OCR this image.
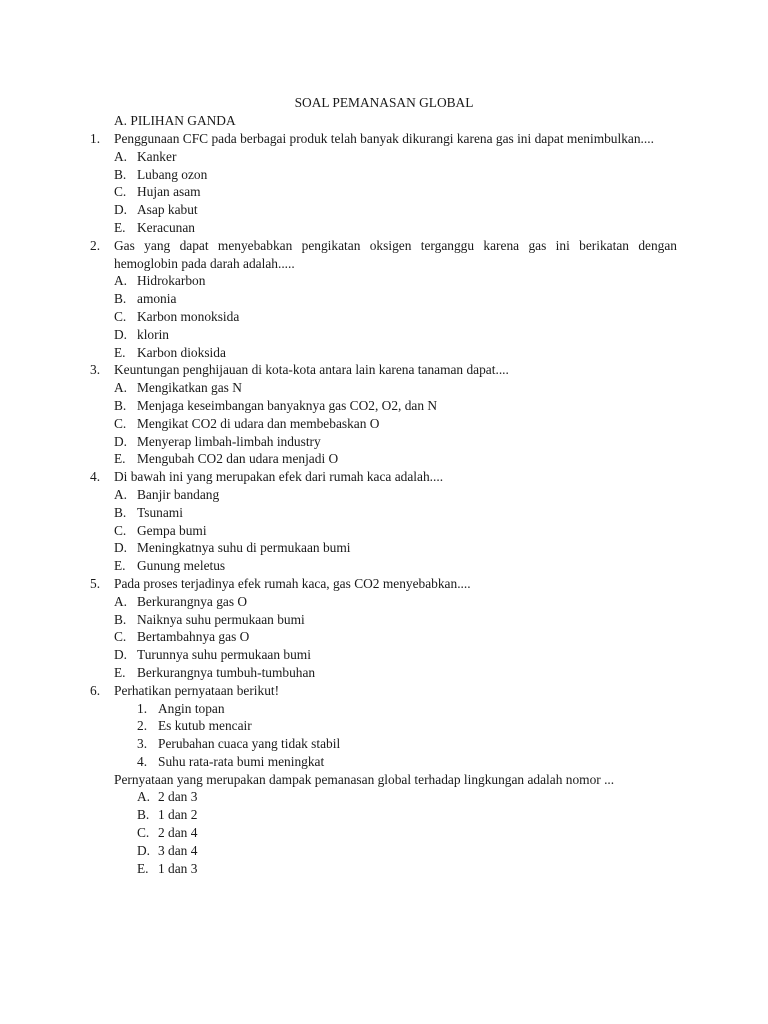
SOAL PEMANASAN GLOBAL
A. PILIHAN GANDA
1. Penggunaan CFC pada berbagai produk telah banyak dikurangi karena gas ini dapat menimbulkan....
A. Kanker
B. Lubang ozon
C. Hujan asam
D. Asap kabut
E. Keracunan
2. Gas yang dapat menyebabkan pengikatan oksigen terganggu karena gas ini berikatan dengan hemoglobin pada darah adalah.....
A. Hidrokarbon
B. amonia
C. Karbon monoksida
D. klorin
E. Karbon dioksida
3. Keuntungan penghijauan di kota-kota antara lain karena tanaman dapat....
A. Mengikatkan gas N
B. Menjaga keseimbangan banyaknya gas CO2, O2, dan N
C. Mengikat CO2 di udara dan membebaskan O
D. Menyerap limbah-limbah industry
E. Mengubah CO2 dan udara menjadi O
4. Di bawah ini yang merupakan efek dari rumah kaca adalah....
A. Banjir bandang
B. Tsunami
C. Gempa bumi
D. Meningkatnya suhu di permukaan bumi
E. Gunung meletus
5. Pada proses terjadinya efek rumah kaca, gas CO2 menyebabkan....
A. Berkurangnya gas O
B. Naiknya suhu permukaan bumi
C. Bertambahnya gas O
D. Turunnya suhu permukaan bumi
E. Berkurangnya tumbuh-tumbuhan
6. Perhatikan pernyataan berikut!
1. Angin topan
2. Es kutub mencair
3. Perubahan cuaca yang tidak stabil
4. Suhu rata-rata bumi meningkat
Pernyataan yang merupakan dampak pemanasan global terhadap lingkungan adalah nomor ...
A. 2 dan 3
B. 1 dan 2
C. 2 dan 4
D. 3 dan 4
E. 1 dan 3
